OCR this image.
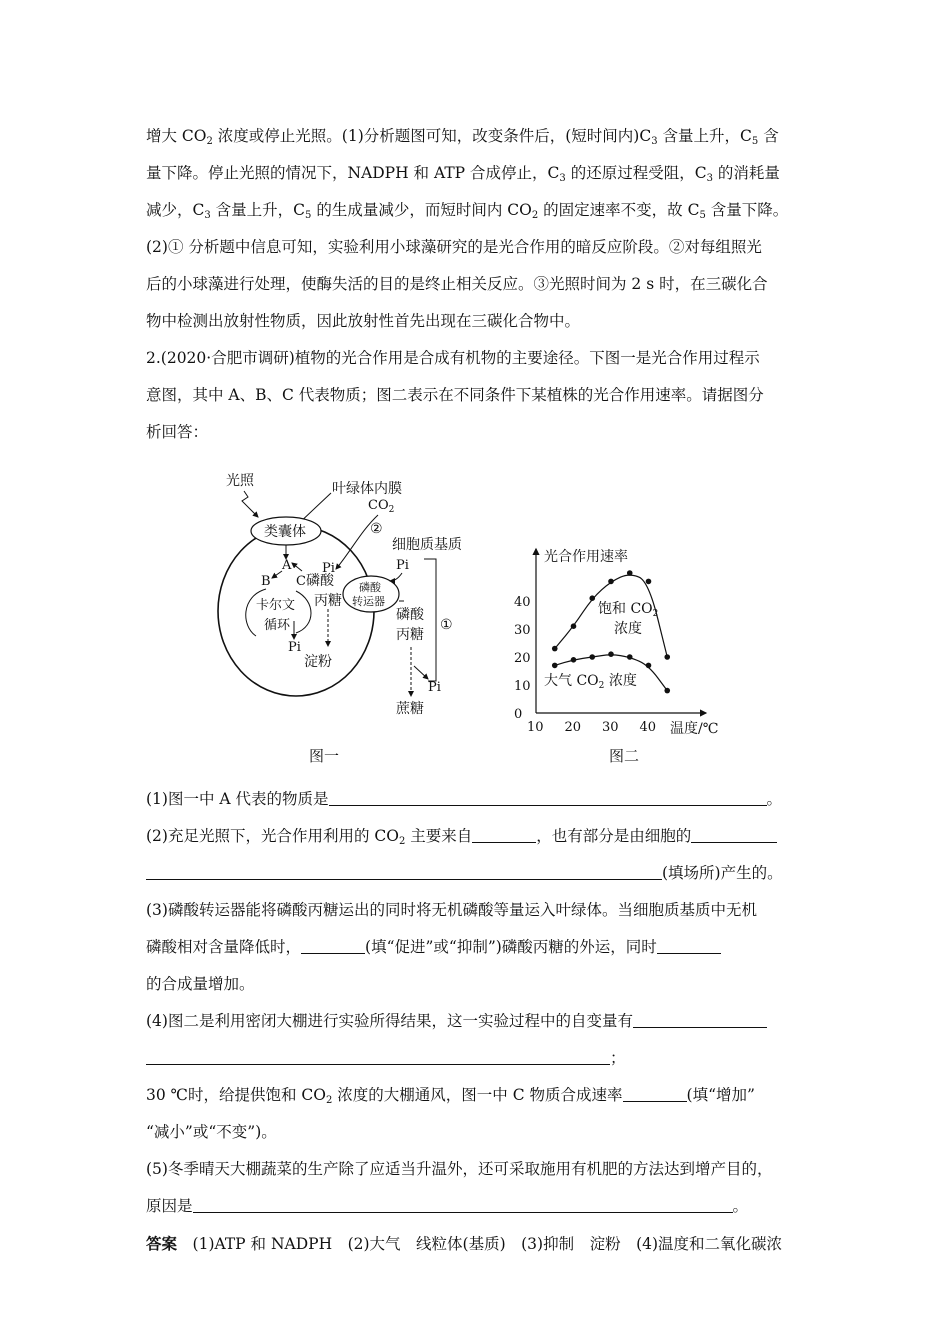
增大 $CO_2$ 浓度或停止光照。(1)分析题图可知，改变条件后，(短时间内)$C_3$ 含量上升，$C_5$ 含
量下降。停止光照的情况下，NADPH 和 ATP 合成停止，$C_3$ 的还原过程受阻，$C_3$ 的消耗量
减少，$C_3$ 含量上升，$C_5$ 的生成量减少，而短时间内 $CO_2$ 的固定速率不变，故 $C_5$ 含量下降。
(2)① 分析题中信息可知，实验利用小球藻研究的是光合作用的暗反应阶段。②对每组照光
后的小球藻进行处理，使酶失活的目的是终止相关反应。③光照时间为 2 s 时，在三碳化合
物中检测出放射性物质，因此放射性首先出现在三碳化合物中。
2.(2020·合肥市调研)植物的光合作用是合成有机物的主要途径。下图一是光合作用过程示
意图，其中 A、B、C 代表物质；图二表示在不同条件下某植株的光合作用速率。请据图分
析回答：
叶绿体内膜
光照
类囊体
A
B C 磷酸
丙糖
Pi
卡尔文
循环
Pi
淀粉
$CO_2$
②
细胞质基质
磷酸
转运器
Pi
磷酸
丙糖
①
Pi
蔗糖
图一
光合作用速率
温度/℃
10 20 30 40
0
10
20
30
40	饱和 $CO_2$
浓度
大气 $CO_2$ 浓度
图二
(1)图一中 A 代表的物质是	。
(2)充足光照下，光合作用利用的 $CO_2$ 主要来自	，也有部分是由细胞的
(填场所)产生的。
(3)磷酸转运器能将磷酸丙糖运出的同时将无机磷酸等量运入叶绿体。当细胞质基质中无机
磷酸相对含量降低时，	(填“促进”或“抑制”)磷酸丙糖的外运，同时
的合成量增加。
(4)图二是利用密闭大棚进行实验所得结果，这一实验过程中的自变量有
；
30 ℃时，给提供饱和 $CO_2$ 浓度的大棚通风，图一中 C 物质合成速率	(填“增加”
“减小”或“不变”)。
(5)冬季晴天大棚蔬菜的生产除了应适当升温外，还可采取施用有机肥的方法达到增产目的，
原因是	。
答案　 (1)ATP 和 NADPH　(2)大气　线粒体(基质)　(3)抑制　淀粉　(4)温度和二氧化碳浓
